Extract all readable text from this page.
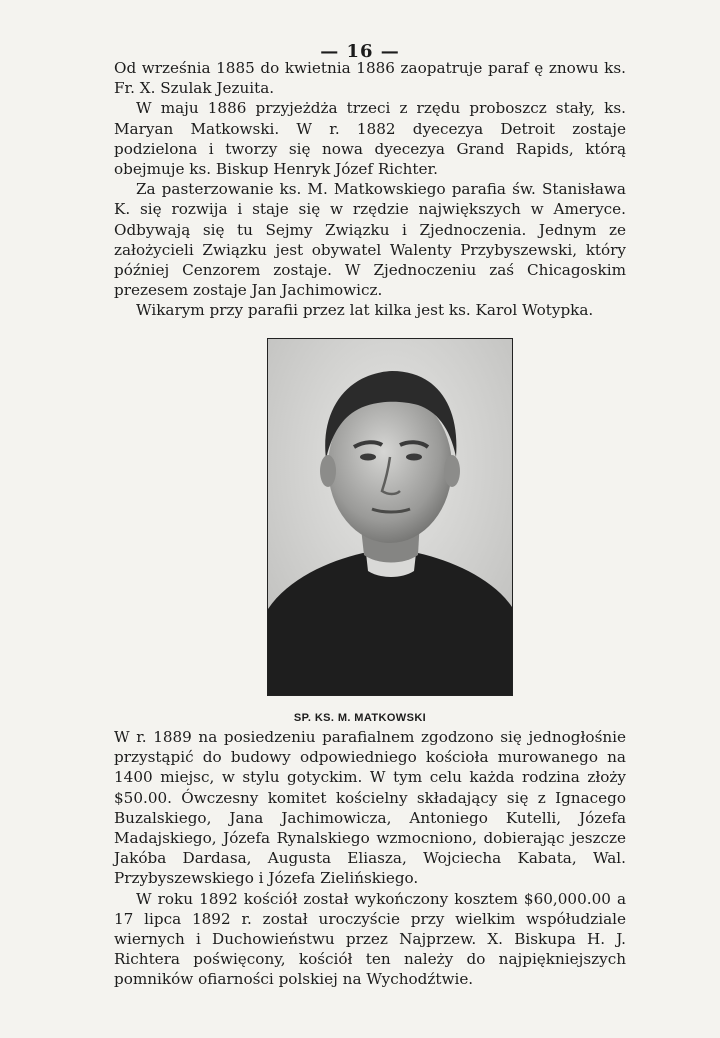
— 16 —

Od września 1885 do kwietnia 1886 zaopatruje paraf ę znowu ks. Fr. X. Szulak Jezuita.

W maju 1886 przyjeżdża trzeci z rzędu proboszcz stały, ks. Maryan Matkowski. W r. 1882 dyecezya Detroit zostaje podzielona i tworzy się nowa dyecezya Grand Rapids, którą obejmuje ks. Biskup Henryk Józef Richter.

Za pasterzowanie ks. M. Matkowskiego parafia św. Stanisława K. się rozwija i staje się w rzędzie największych w Ameryce. Odbywają się tu Sejmy Związku i Zjednoczenia. Jednym ze założycieli Związku jest obywatel Walenty Przybyszewski, który później Cenzorem zostaje. W Zjednoczeniu zaś Chicagoskim prezesem zostaje Jan Jachimowicz.

Wikarym przy parafii przez lat kilka jest ks. Karol Wotypka.

SP. KS. M. MATKOWSKI

W r. 1889 na posiedzeniu parafialnem zgodzono się jednogłośnie przystąpić do budowy odpowiedniego kościoła murowanego na 1400 miejsc, w stylu gotyckim. W tym celu każda rodzina złoży $50.00. Ówczesny komitet kościelny składający się z Ignacego Buzalskiego, Jana Jachimowicza, Antoniego Kutelli, Józefa Madajskiego, Józefa Rynalskiego wzmocniono, dobierając jeszcze Jakóba Dardasa, Augusta Eliasza, Wojciecha Kabata, Wal. Przybyszewskiego i Józefa Zielińskiego.

W roku 1892 kościół został wykończony kosztem $60,000.00 a 17 lipca 1892 r. został uroczyście przy wielkim współudziale wiernych i Duchowieństwu przez Najprzew. X. Biskupa H. J. Richtera poświęcony, kościół ten należy do najpiękniejszych pomników ofiarności polskiej na Wychodźtwie.
